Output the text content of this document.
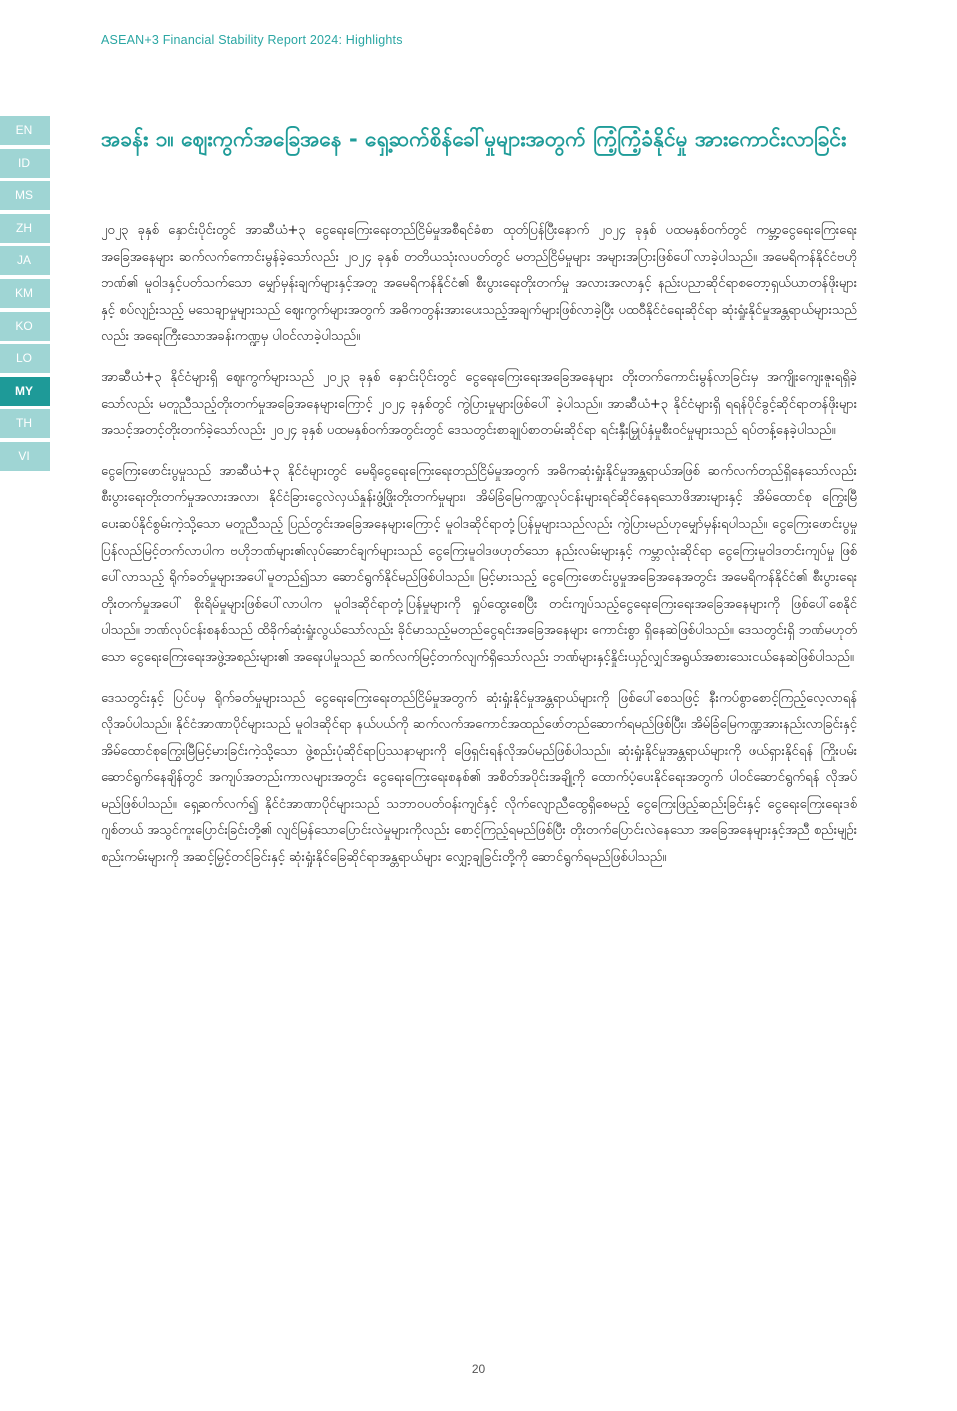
ASEAN+3 Financial Stability Report 2024: Highlights
EN
ID
MS
ZH
JA
KM
KO
LO
MY
TH
VI
အခန်း ၁။ ဈေးကွက်အခြေအနေ - ရှေ့ဆက်စိန်ခေါ်မှုများအတွက် ကြံ့ကြံ့ခံနိုင်မှု အားကောင်းလာခြင်း

၂၀၂၃ ခုနှစ် နှောင်းပိုင်းတွင် အာဆီယံ+၃ ငွေရေးကြေးရေးတည်ငြိမ်မှုအစီရင်ခံစာ ထုတ်ပြန်ပြီးနောက် ၂၀၂၄ ခုနှစ် ပထမနှစ်ဝက်တွင် ကမ္ဘာ့ငွေရေးကြေးရေးအခြေအနေများ ဆက်လက်ကောင်းမွန်ခဲ့သော်လည်း ၂၀၂၄ ခုနှစ် တတိယသုံးလပတ်တွင် မတည်ငြိမ်မှုများ အများအပြားဖြစ်ပေါ်လာခဲ့ပါသည်။ အမေရိကန်နိုင်ငံဗဟိုဘဏ်၏ မူဝါဒနှင့်ပတ်သက်သော မျှော်မှန်းချက်များနှင့်အတူ အမေရိကန်နိုင်ငံ၏ စီးပွားရေးတိုးတက်မှု အလားအလာနှင့် နည်းပညာဆိုင်ရာစတော့ရှယ်ယာတန်ဖိုးများနှင့် စပ်လျဉ်းသည့် မသေချာမှုများသည် ဈေးကွက်များအတွက် အဓိကတွန်းအားပေးသည့်အချက်များဖြစ်လာခဲ့ပြီး ပထဝီနိုင်ငံရေးဆိုင်ရာ ဆုံးရှုံးနိုင်မှုအန္တရာယ်များသည်လည်း အရေးကြီးသောအခန်းကဏ္ဍမှ ပါဝင်လာခဲ့ပါသည်။

အာဆီယံ+၃ နိုင်ငံများရှိ ဈေးကွက်များသည် ၂၀၂၃ ခုနှစ် နှောင်းပိုင်းတွင် ငွေရေးကြေးရေးအခြေအနေများ တိုးတက်ကောင်းမွန်လာခြင်းမှ အကျိုးကျေးဇူးရရှိခဲ့သော်လည်း မတူညီသည့်တိုးတက်မှုအခြေအနေများကြောင့် ၂၀၂၄ ခုနှစ်တွင် ကွဲပြားမှုများဖြစ်ပေါ် ခဲ့ပါသည်။ အာဆီယံ+၃ နိုင်ငံများရှိ ရရန်ပိုင်ခွင့်ဆိုင်ရာတန်ဖိုးများ အသင့်အတင့်တိုးတက်ခဲ့သော်လည်း ၂၀၂၄ ခုနှစ် ပထမနှစ်ဝက်အတွင်းတွင် ဒေသတွင်းစာချုပ်စာတမ်းဆိုင်ရာ ရင်းနှီးမြှုပ်နှံမှုစီးဝင်မှုများသည် ရပ်တန့်နေခဲ့ပါသည်။

ငွေကြေးဖောင်းပွမှုသည် အာဆီယံ+၃ နိုင်ငံများတွင် မေရိုငွေရေးကြေးရေးတည်ငြိမ်မှုအတွက် အဓိကဆုံးရှုံးနိုင်မှုအန္တရာယ်အဖြစ် ဆက်လက်တည်ရှိနေသော်လည်း စီးပွားရေးတိုးတက်မှုအလားအလာ၊ နိုင်ငံခြားငွေလဲလှယ်နှုန်းဖွံ့ဖြိုးတိုးတက်မှုများ၊ အိမ်ခြံမြေကဏ္ဍလုပ်ငန်းများရင်ဆိုင်နေရသောဖိအားများနှင့် အိမ်ထောင်စု ကြွေးမြီပေးဆပ်နိုင်စွမ်းကဲ့သို့သော မတူညီသည့် ပြည်တွင်းအခြေအနေများကြောင့် မူဝါဒဆိုင်ရာတုံ့ပြန်မှုများသည်လည်း ကွဲပြားမည်ဟုမျှော်မှန်းရပါသည်။ ငွေကြေးဖောင်းပွမှု ပြန်လည်မြင့်တက်လာပါက ဗဟိုဘဏ်များ၏လုပ်ဆောင်ချက်များသည် ငွေကြေးမူဝါဒဖဟုတ်သော နည်းလမ်းများနှင့် ကမ္ဘာလုံးဆိုင်ရာ ငွေကြေးမူဝါဒတင်းကျပ်မှု ဖြစ်ပေါ်လာသည့် ရိုက်ခတ်မှုများအပေါ်မူတည်၍သာ ဆောင်ရွက်နိုင်မည်ဖြစ်ပါသည်။ မြင့်မားသည့် ငွေကြေးဖောင်းပွမှုအခြေအနေအတွင်း အမေရိကန်နိုင်ငံ၏ စီးပွားရေးတိုးတက်မှုအပေါ် စိုးရိမ်မှုများဖြစ်ပေါ်လာပါက မူဝါဒဆိုင်ရာတုံ့ပြန်မှုများကို ရှုပ်ထွေးစေပြီး တင်းကျပ်သည့်ငွေရေးကြေးရေးအခြေအနေများကို ဖြစ်ပေါ်စေနိုင်ပါသည်။ ဘဏ်လုပ်ငန်းစနစ်သည် ထိခိုက်ဆုံးရှုံးလွယ်သော်လည်း ခိုင်မာသည့်မတည်ငွေရင်းအခြေအနေများ ကောင်းစွာ ရှိနေဆဲဖြစ်ပါသည်။ ဒေသတွင်းရှိ ဘဏ်မဟုတ်သော ငွေရေးကြေးရေးအဖွဲ့အစည်းများ၏ အရေးပါမှုသည် ဆက်လက်မြင့်တက်လျက်ရှိသော်လည်း ဘဏ်များနှင့်နှိုင်းယှဉ်လျှင်အရွယ်အစားသေးငယ်နေဆဲဖြစ်ပါသည်။

ဒေသတွင်းနှင့် ပြင်ပမှ ရိုက်ခတ်မှုများသည် ငွေရေးကြေးရေးတည်ငြိမ်မှုအတွက် ဆုံးရှုံးနိုင်မှုအန္တရာယ်များကို ဖြစ်ပေါ်စေသဖြင့် နီးကပ်စွာစောင့်ကြည့်လေ့လာရန် လိုအပ်ပါသည်။ နိုင်ငံအာဏာပိုင်များသည် မူဝါဒဆိုင်ရာ နယ်ပယ်ကို ဆက်လက်အကောင်အထည်ဖော်တည်ဆောက်ရမည်ဖြစ်ပြီး၊ အိမ်ခြံမြေကဏ္ဍအားနည်းလာခြင်းနှင့် အိမ်ထောင်စုကြွေးမြီမြင့်မားခြင်းကဲ့သို့သော ဖွဲ့စည်းပုံဆိုင်ရာပြဿနာများကို ဖြေရှင်းရန်လိုအပ်မည်ဖြစ်ပါသည်။ ဆုံးရှုံးနိုင်မှုအန္တရာယ်များကို ဖယ်ရှားနိုင်ရန် ကြိုးပမ်းဆောင်ရွက်နေချိန်တွင် အကျပ်အတည်းကာလများအတွင်း ငွေရေးကြေးရေးစနစ်၏ အစိတ်အပိုင်းအချို့ကို ထောက်ပံ့ပေးနိုင်ရေးအတွက် ပါဝင်ဆောင်ရွက်ရန် လိုအပ်မည်ဖြစ်ပါသည်။ ရှေ့ဆက်လက်၍ နိုင်ငံအာဏာပိုင်များသည် သဘာဝပတ်ဝန်းကျင်နှင့် လိုက်လျောညီထွေရှိစေမည့် ငွေကြေးဖြည့်ဆည်းခြင်းနှင့် ငွေရေးကြေးရေးဒစ်ဂျစ်တယ် အသွင်ကူးပြောင်းခြင်းတို့၏ လျင်မြန်သောပြောင်းလဲမှုများကိုလည်း စောင့်ကြည့်ရမည်ဖြစ်ပြီး တိုးတက်ပြောင်းလဲနေသော အခြေအနေများနှင့်အညီ စည်းမျဉ်းစည်းကမ်းများကို အဆင့်မြှင့်တင်ခြင်းနှင့် ဆုံးရှုံးနိုင်ခြေဆိုင်ရာအန္တရာယ်များ လျှော့ချခြင်းတို့ကို ဆောင်ရွက်ရမည်ဖြစ်ပါသည်။

20
